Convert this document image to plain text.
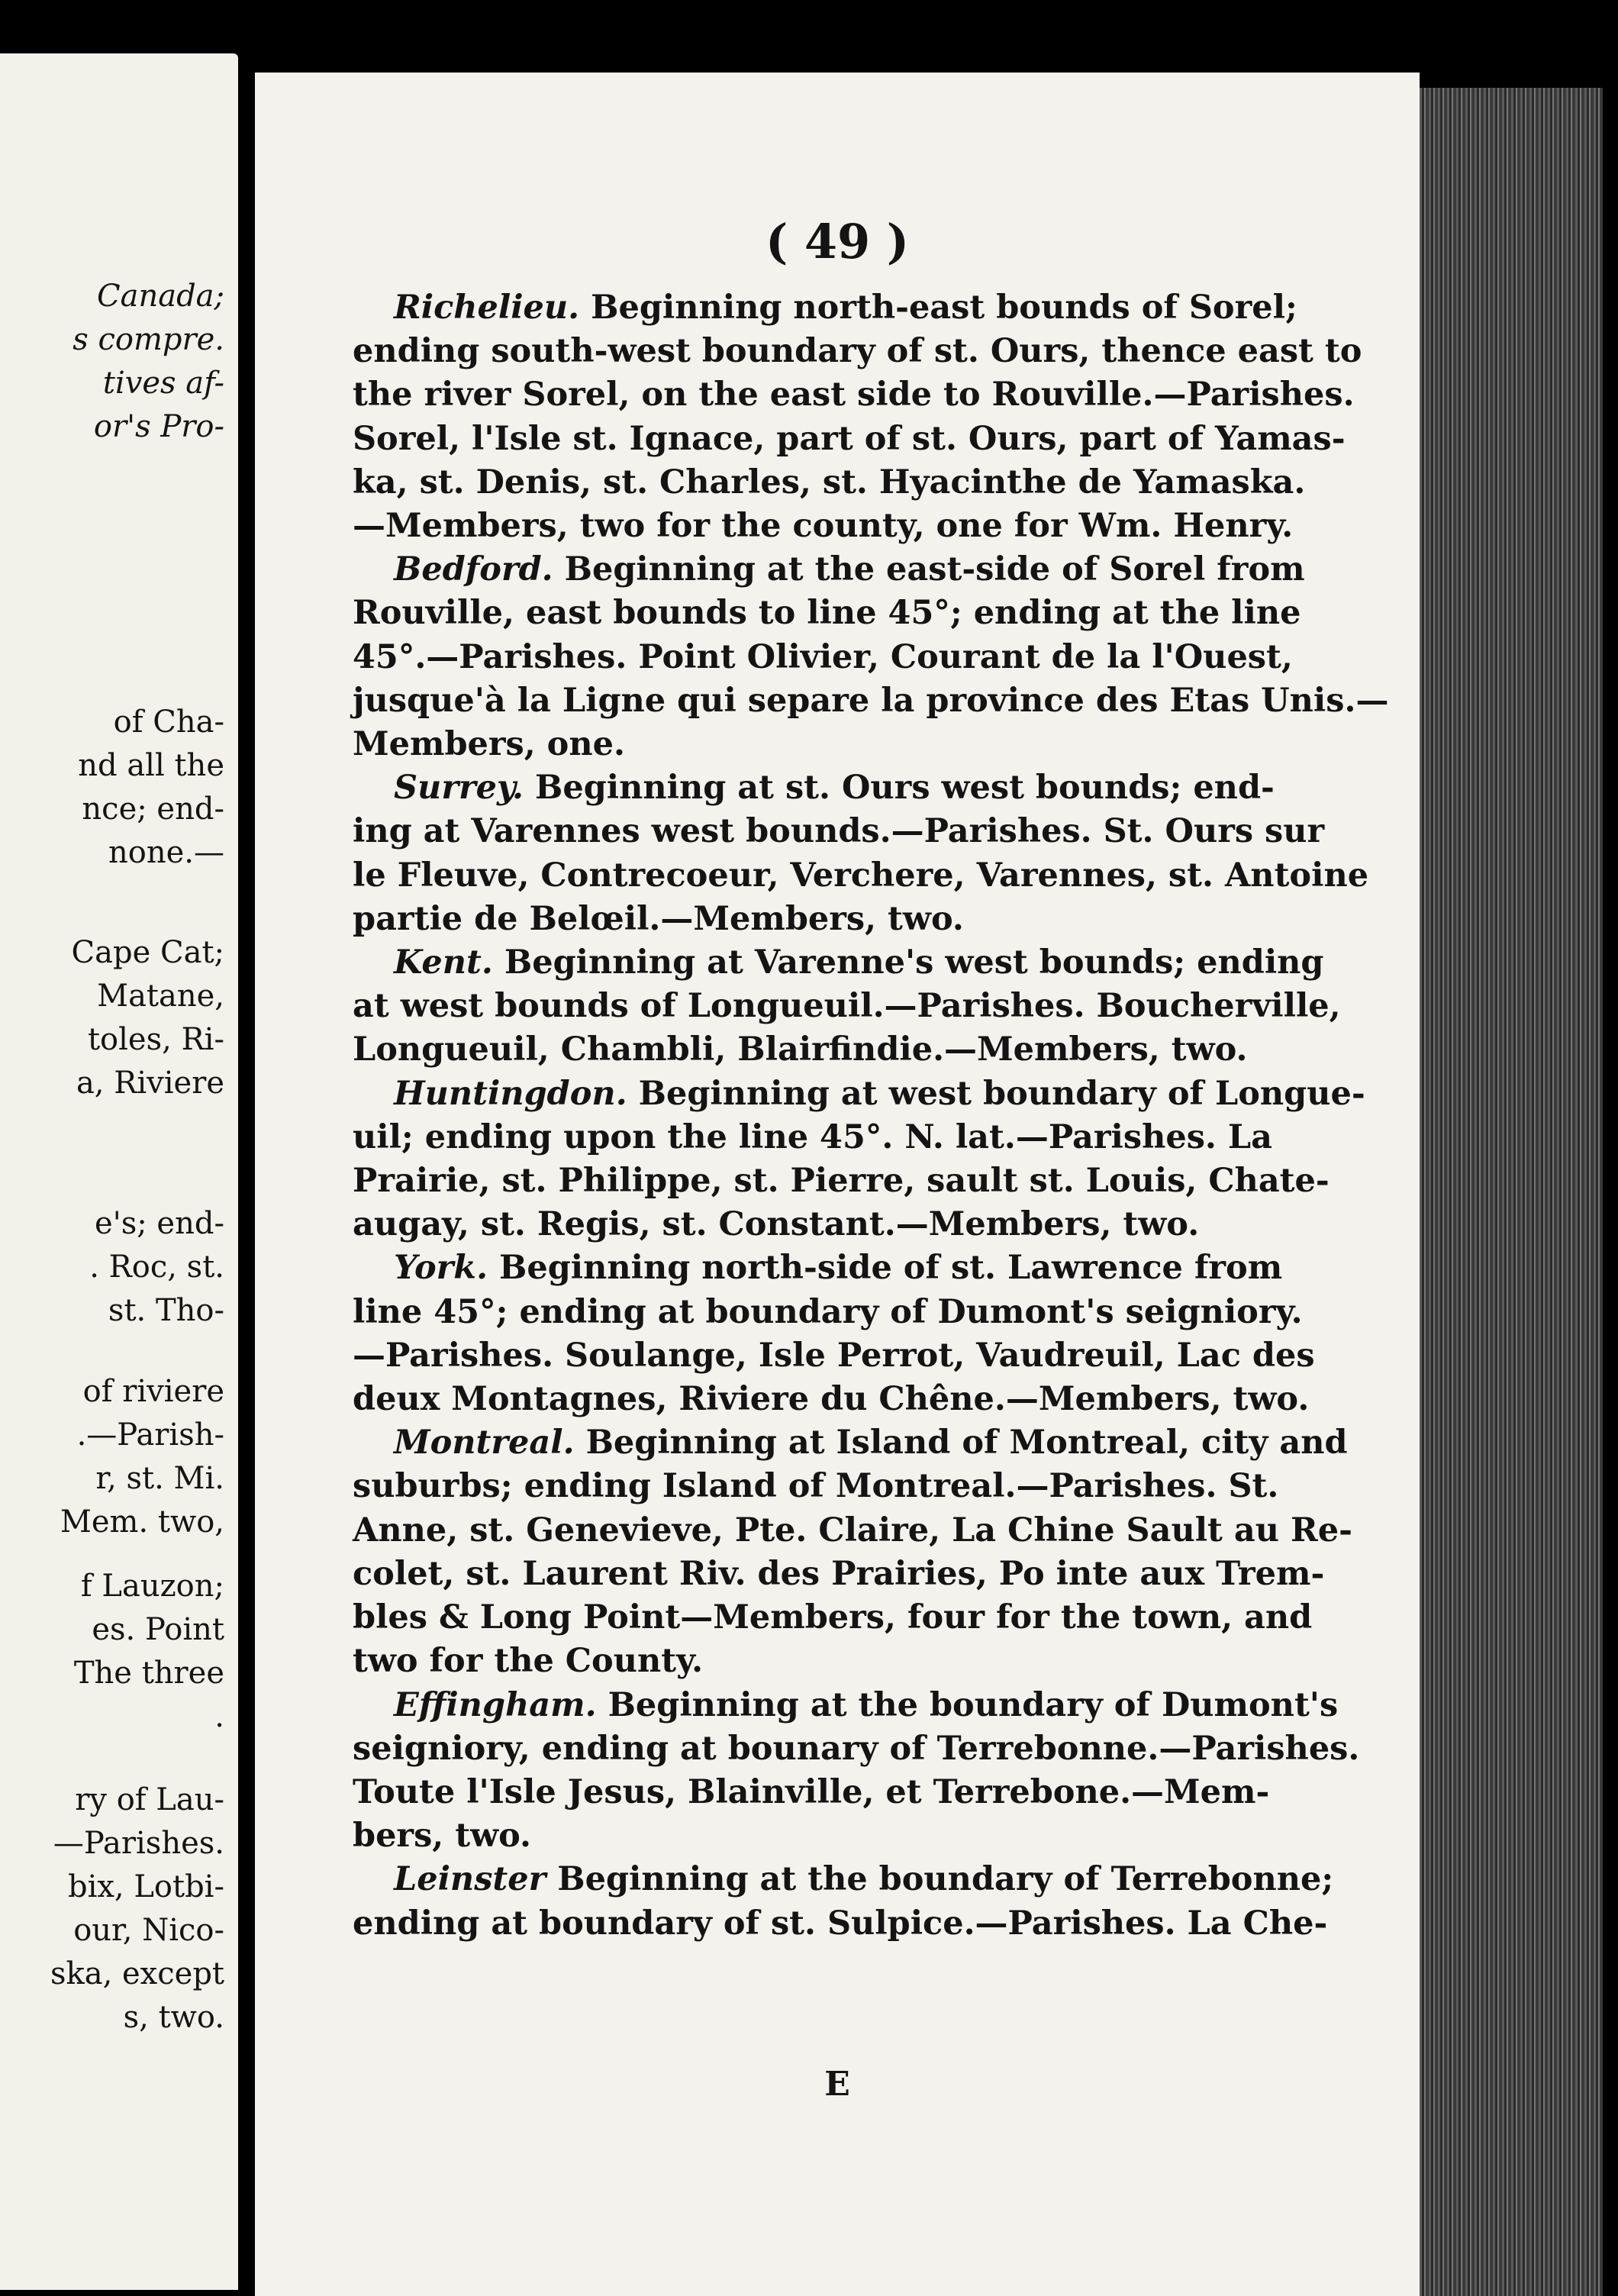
Canada;

s compre.

tives af-

or's Pro-

of Cha-

nd all the

nce; end-

none.—

Cape Cat;

Matane,

toles, Ri-

a, Riviere

e's; end-

. Roc, st.

st. Tho-

of riviere

.—Parish-

r, st. Mi.

Mem. two,

f Lauzon;

es. Point

The three

.

ry of Lau-

—Parishes.

bix, Lotbi-

our, Nico-

ska, except

s, two.

( 49 )

Richelieu. Beginning north-east bounds of Sorel;

ending south-west boundary of st. Ours, thence east to

the river Sorel, on the east side to Rouville.—Parishes.

Sorel, l'Isle st. Ignace, part of st. Ours, part of Yamas-

ka, st. Denis, st. Charles, st. Hyacinthe de Yamaska.

—Members, two for the county, one for Wm. Henry.

Bedford. Beginning at the east-side of Sorel from

Rouville, east bounds to line 45°; ending at the line

45°.—Parishes. Point Olivier, Courant de la l'Ouest,

jusque'à la Ligne qui separe la province des Etas Unis.—

Members, one.

Surrey. Beginning at st. Ours west bounds; end-

ing at Varennes west bounds.—Parishes. St. Ours sur

le Fleuve, Contrecoeur, Verchere, Varennes, st. Antoine

partie de Belœil.—Members, two.

Kent. Beginning at Varenne's west bounds; ending

at west bounds of Longueuil.—Parishes. Boucherville,

Longueuil, Chambli, Blairfindie.—Members, two.

Huntingdon. Beginning at west boundary of Longue-

uil; ending upon the line 45°. N. lat.—Parishes. La

Prairie, st. Philippe, st. Pierre, sault st. Louis, Chate-

augay, st. Regis, st. Constant.—Members, two.

York. Beginning north-side of st. Lawrence from

line 45°; ending at boundary of Dumont's seigniory.

—Parishes. Soulange, Isle Perrot, Vaudreuil, Lac des

deux Montagnes, Riviere du Chêne.—Members, two.

Montreal. Beginning at Island of Montreal, city and

suburbs; ending Island of Montreal.—Parishes. St.

Anne, st. Genevieve, Pte. Claire, La Chine Sault au Re-

colet, st. Laurent Riv. des Prairies, Po inte aux Trem-

bles & Long Point—Members, four for the town, and

two for the County.

Effingham. Beginning at the boundary of Dumont's

seigniory, ending at bounary of Terrebonne.—Parishes.

Toute l'Isle Jesus, Blainville, et Terrebone.—Mem-

bers, two.

Leinster Beginning at the boundary of Terrebonne;

ending at boundary of st. Sulpice.—Parishes. La Che-

E
